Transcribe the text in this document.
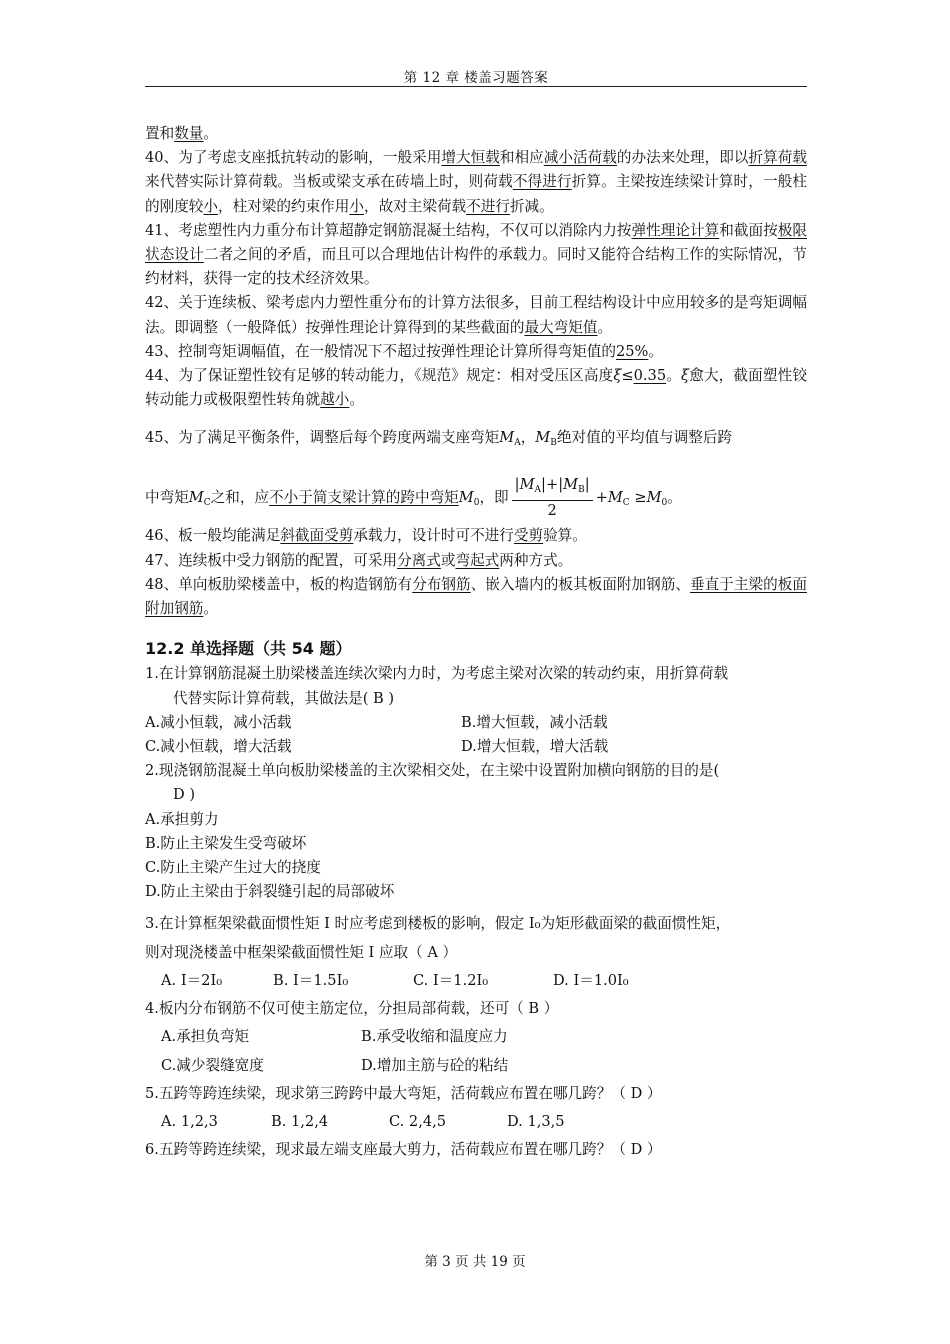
第 12 章 楼盖习题答案

置和数量。

40、为了考虑支座抵抗转动的影响，一般采用增大恒载和相应减小活荷载的办法来处理，即以折算荷载来代替实际计算荷载。当板或梁支承在砖墙上时，则荷载不得进行折算。主梁按连续梁计算时，一般柱的刚度较小，柱对梁的约束作用小，故对主梁荷载不进行折减。

41、考虑塑性内力重分布计算超静定钢筋混凝土结构，不仅可以消除内力按弹性理论计算和截面按极限状态设计二者之间的矛盾，而且可以合理地估计构件的承载力。同时又能符合结构工作的实际情况，节约材料，获得一定的技术经济效果。

42、关于连续板、梁考虑内力塑性重分布的计算方法很多，目前工程结构设计中应用较多的是弯矩调幅法。即调整（一般降低）按弹性理论计算得到的某些截面的最大弯矩值。

43、控制弯矩调幅值，在一般情况下不超过按弹性理论计算所得弯矩值的25%。

44、为了保证塑性铰有足够的转动能力，《规范》规定：相对受压区高度ξ≤0.35。ξ愈大，截面塑性铰转动能力或极限塑性转角就越小。

45、为了满足平衡条件，调整后每个跨度两端支座弯矩$M_A$，$M_B$绝对值的平均值与调整后跨

中弯矩$M_C$之和，应不小于简支梁计算的跨中弯矩$M_0$，即 $\frac{|M_A|+|M_B|}{2} +M_C \ge M_0$。

46、板一般均能满足斜截面受剪承载力，设计时可不进行受剪验算。

47、连续板中受力钢筋的配置，可采用分离式或弯起式两种方式。

48、单向板肋梁楼盖中，板的构造钢筋有分布钢筋、嵌入墙内的板其板面附加钢筋、垂直于主梁的板面附加钢筋。

12.2 单选择题（共 54 题）

1.在计算钢筋混凝土肋梁楼盖连续次梁内力时，为考虑主梁对次梁的转动约束，用折算荷载

代替实际计算荷载，其做法是( B )

A.减小恒载，减小活载	B.增大恒载，减小活载
C.减小恒载，增大活载	D.增大恒载，增大活载

2.现浇钢筋混凝土单向板肋梁楼盖的主次梁相交处，在主梁中设置附加横向钢筋的目的是(

D )

A.承担剪力

B.防止主梁发生受弯破坏

C.防止主梁产生过大的挠度

D.防止主梁由于斜裂缝引起的局部破坏

3.在计算框架梁截面惯性矩 I 时应考虑到楼板的影响，假定 I₀为矩形截面梁的截面惯性矩，

则对现浇楼盖中框架梁截面惯性矩 I 应取（ A ）

A. I＝2I₀	B. I＝1.5I₀	C. I＝1.2I₀	D. I＝1.0I₀

4.板内分布钢筋不仅可使主筋定位，分担局部荷载，还可（ B ）

A.承担负弯矩	B.承受收缩和温度应力
C.减少裂缝宽度	D.增加主筋与砼的粘结

5.五跨等跨连续梁，现求第三跨跨中最大弯矩，活荷载应布置在哪几跨？（ D ）

A. 1,2,3	B. 1,2,4	C. 2,4,5	D. 1,3,5

6.五跨等跨连续梁，现求最左端支座最大剪力，活荷载应布置在哪几跨？（ D ）

第 3 页 共 19 页
